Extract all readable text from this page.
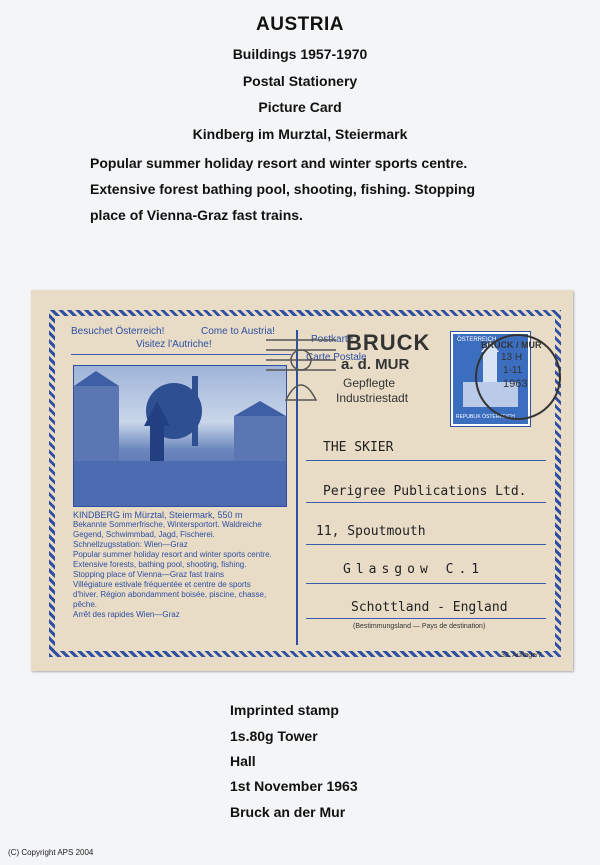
AUSTRIA
Buildings 1957-1970
Postal Stationery
Picture Card
Kindberg im Murztal, Steiermark
Popular summer holiday resort and winter sports centre.
Extensive forest bathing pool, shooting, fishing. Stopping
place of Vienna-Graz fast trains.
Besuchet Österreich!	Come to Austria!
Visitez l'Autriche!
KINDBERG im Mürztal, Steiermark, 550 m
Bekannte Sommerfrische, Wintersportort. Waldreiche
Gegend, Schwimmbad, Jagd, Fischerei.
Schnellzugsstation: Wien—Graz
Popular summer holiday resort and winter sports centre.
Extensive forests, bathing pool, shooting, fishing.
Stopping place of Vienna—Graz fast trains
Villégiature estivale fréquentée et centre de sports
d'hiver. Région abondamment boisée, piscine, chasse,
pêche.
Arrêt des rapides Wien—Graz
Postkarte
Carte Postale
BRUCK
a. d. MUR
Gepflegte
Industriestadt
ÖSTERREICH
REPUBLIK ÖSTERREICH
BRUCK / MUR
13 H
1-11
1963
THE SKIER
Perigree Publications Ltd.
11, Spoutmouth
Glasgow C.1
Schottland - England
(Bestimmungsland — Pays de destination)
33. Auflage/7
Imprinted stamp
1s.80g Tower
Hall
1st November 1963
Bruck an der Mur
(C) Copyright APS 2004
